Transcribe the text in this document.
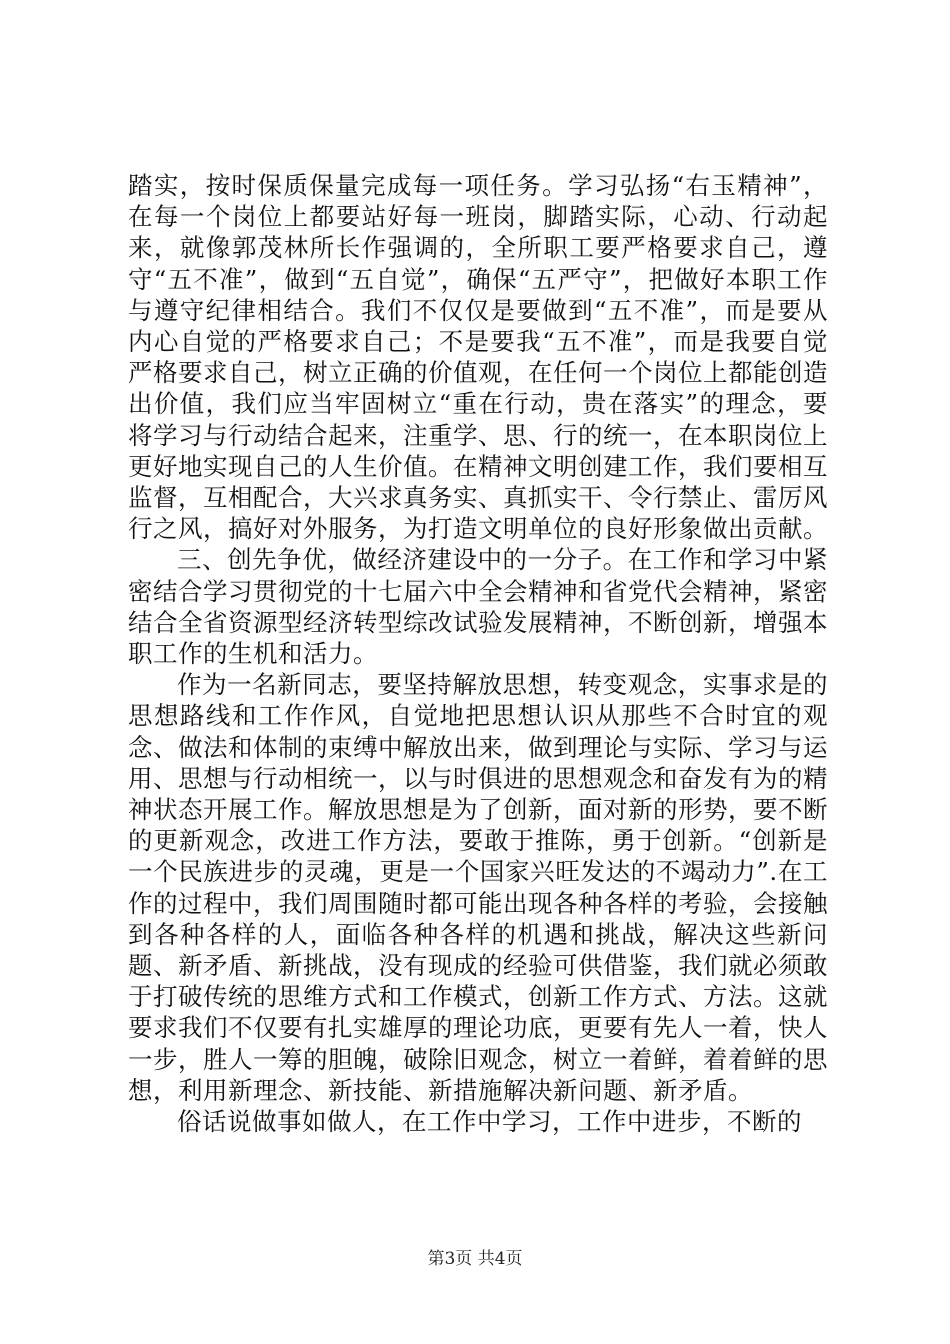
踏实，按时保质保量完成每一项任务。学习弘扬“右玉精神”，在每一个岗位上都要站好每一班岗，脚踏实际，心动、行动起来，就像郭茂林所长作强调的，全所职工要严格要求自己，遵守“五不准”，做到“五自觉”，确保“五严守”，把做好本职工作与遵守纪律相结合。我们不仅仅是要做到“五不准”，而是要从内心自觉的严格要求自己；不是要我“五不准”，而是我要自觉严格要求自己，树立正确的价值观，在任何一个岗位上都能创造出价值，我们应当牢固树立“重在行动，贵在落实”的理念，要将学习与行动结合起来，注重学、思、行的统一，在本职岗位上更好地实现自己的人生价值。在精神文明创建工作，我们要相互监督，互相配合，大兴求真务实、真抓实干、令行禁止、雷厉风行之风，搞好对外服务，为打造文明单位的良好形象做出贡献。

三、创先争优，做经济建设中的一分子。在工作和学习中紧密结合学习贯彻党的十七届六中全会精神和省党代会精神，紧密结合全省资源型经济转型综改试验发展精神，不断创新，增强本职工作的生机和活力。

作为一名新同志，要坚持解放思想，转变观念，实事求是的思想路线和工作作风，自觉地把思想认识从那些不合时宜的观念、做法和体制的束缚中解放出来，做到理论与实际、学习与运用、思想与行动相统一，以与时俱进的思想观念和奋发有为的精神状态开展工作。解放思想是为了创新，面对新的形势，要不断的更新观念，改进工作方法，要敢于推陈，勇于创新。“创新是一个民族进步的灵魂，更是一个国家兴旺发达的不竭动力”.在工作的过程中，我们周围随时都可能出现各种各样的考验，会接触到各种各样的人，面临各种各样的机遇和挑战，解决这些新问题、新矛盾、新挑战，没有现成的经验可供借鉴，我们就必须敢于打破传统的思维方式和工作模式，创新工作方式、方法。这就要求我们不仅要有扎实雄厚的理论功底，更要有先人一着，快人一步，胜人一筹的胆魄，破除旧观念，树立一着鲜，着着鲜的思想，利用新理念、新技能、新措施解决新问题、新矛盾。

俗话说做事如做人，在工作中学习，工作中进步，不断的

第3页 共4页
